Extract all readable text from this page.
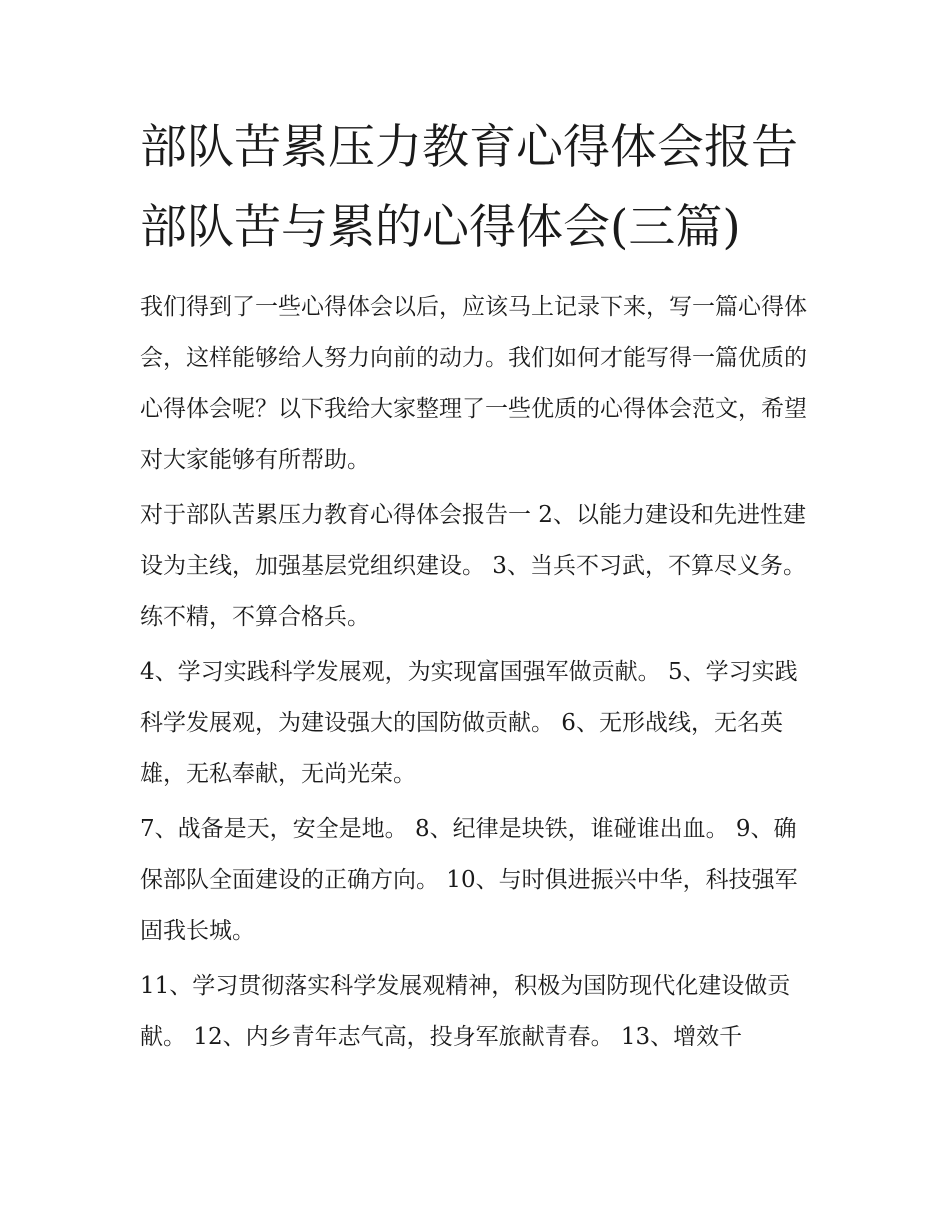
部队苦累压力教育心得体会报告 部队苦与累的心得体会(三篇)

我们得到了一些心得体会以后，应该马上记录下来，写一篇心得体会，这样能够给人努力向前的动力。我们如何才能写得一篇优质的心得体会呢？以下我给大家整理了一些优质的心得体会范文，希望对大家能够有所帮助。

对于部队苦累压力教育心得体会报告一 2、以能力建设和先进性建设为主线，加强基层党组织建设。 3、当兵不习武，不算尽义务。练不精，不算合格兵。

4、学习实践科学发展观，为实现富国强军做贡献。 5、学习实践科学发展观，为建设强大的国防做贡献。 6、无形战线，无名英雄，无私奉献，无尚光荣。

7、战备是天，安全是地。 8、纪律是块铁，谁碰谁出血。 9、确保部队全面建设的正确方向。 10、与时俱进振兴中华，科技强军固我长城。

11、学习贯彻落实科学发展观精神，积极为国防现代化建设做贡献。 12、内乡青年志气高，投身军旅献青春。 13、增效千
